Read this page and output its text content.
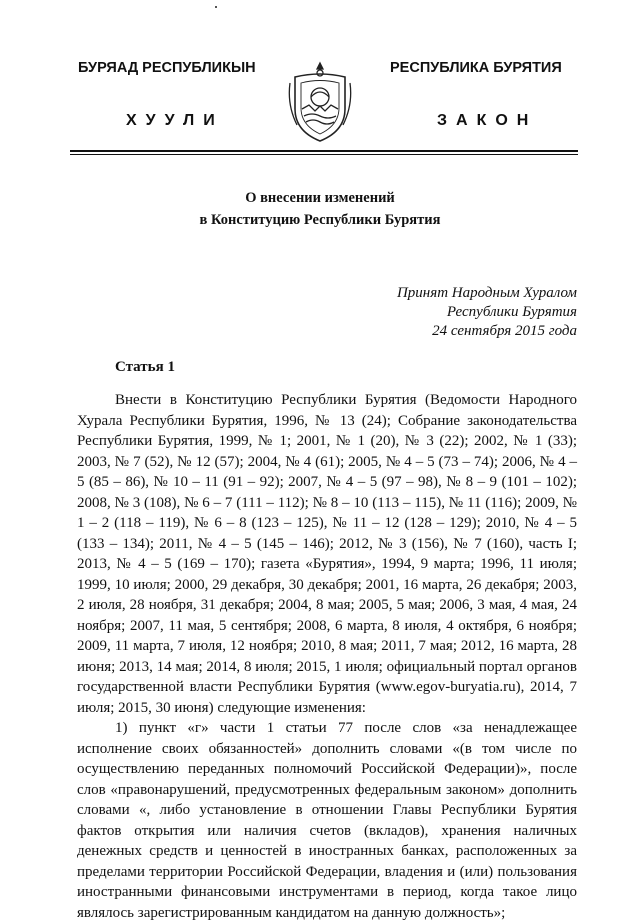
БУРЯАД РЕСПУБЛИКЫН	РЕСПУБЛИКА БУРЯТИЯ
ХУУЛИ	ЗАКОН
О внесении изменений
в Конституцию Республики Бурятия
Принят Народным Хуралом
Республики Бурятия
24 сентября 2015 года
Статья 1

Внести в Конституцию Республики Бурятия (Ведомости Народного Хурала Республики Бурятия, 1996, № 13 (24); Собрание законодательства Республики Бурятия, 1999, № 1; 2001, № 1 (20), № 3 (22); 2002, № 1 (33); 2003, № 7 (52), № 12 (57); 2004, № 4 (61); 2005, № 4 – 5 (73 – 74); 2006, № 4 – 5 (85 – 86), № 10 – 11 (91 – 92); 2007, № 4 – 5 (97 – 98), № 8 – 9 (101 – 102); 2008, № 3 (108), № 6 – 7 (111 – 112); № 8 – 10 (113 – 115), № 11 (116); 2009, № 1 – 2 (118 – 119), № 6 – 8 (123 – 125), № 11 – 12 (128 – 129); 2010, № 4 – 5 (133 – 134); 2011, № 4 – 5 (145 – 146); 2012, № 3 (156), № 7 (160), часть I; 2013, № 4 – 5 (169 – 170); газета «Бурятия», 1994, 9 марта; 1996, 11 июля; 1999, 10 июля; 2000, 29 декабря, 30 декабря; 2001, 16 марта, 26 декабря; 2003, 2 июля, 28 ноября, 31 декабря; 2004, 8 мая; 2005, 5 мая; 2006, 3 мая, 4 мая, 24 ноября; 2007, 11 мая, 5 сентября; 2008, 6 марта, 8 июля, 4 октября, 6 ноября; 2009, 11 марта, 7 июля, 12 ноября; 2010, 8 мая; 2011, 7 мая; 2012, 16 марта, 28 июня; 2013, 14 мая; 2014, 8 июля; 2015, 1 июля; официальный портал органов государственной власти Республики Бурятия (www.egov-buryatia.ru), 2014, 7 июля; 2015, 30 июня) следующие изменения:

1) пункт «г» части 1 статьи 77 после слов «за ненадлежащее исполнение своих обязанностей» дополнить словами «(в том числе по осуществлению переданных полномочий Российской Федерации)», после слов «правонарушений, предусмотренных федеральным законом» дополнить словами «, либо установление в отношении Главы Республики Бурятия фактов открытия или наличия счетов (вкладов), хранения наличных денежных средств и ценностей в иностранных банках, расположенных за пределами территории Российской Федерации, владения и (или) пользования иностранными финансовыми инструментами в период, когда такое лицо являлось зарегистрированным кандидатом на данную должность»;
